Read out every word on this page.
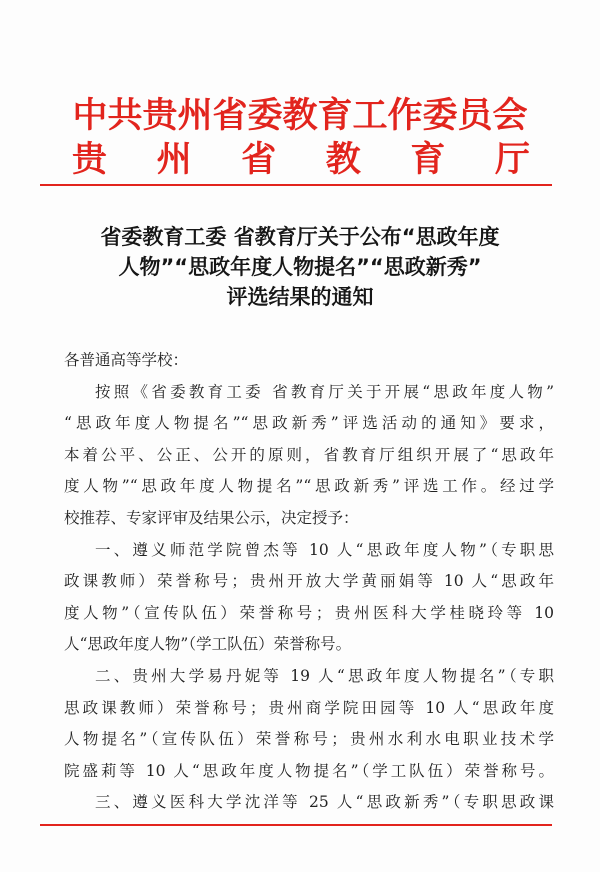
中共贵州省委教育工作委员会
贵 州 省 教 育 厅
省委教育工委 省教育厅关于公布“思政年度
人物”“思政年度人物提名”“思政新秀”
评选结果的通知
各普通高等学校：
按照《省委教育工委 省教育厅关于开展“思政年度人物”
“思政年度人物提名”“思政新秀”评选活动的通知》要求，
本着公平、公正、公开的原则，省教育厅组织开展了“思政年
度人物”“思政年度人物提名”“思政新秀”评选工作。经过学
校推荐、专家评审及结果公示，决定授予：
一、遵义师范学院曾杰等 10 人“思政年度人物”（专职思
政课教师）荣誉称号；贵州开放大学黄丽娟等 10 人“思政年
度人物”（宣传队伍）荣誉称号；贵州医科大学桂晓玲等 10
人“思政年度人物”（学工队伍）荣誉称号。
二、贵州大学易丹妮等 19 人“思政年度人物提名”（专职
思政课教师）荣誉称号；贵州商学院田园等 10 人“思政年度
人物提名”（宣传队伍）荣誉称号；贵州水利水电职业技术学
院盛莉等 10 人“思政年度人物提名”（学工队伍）荣誉称号。
三、遵义医科大学沈洋等 25 人“思政新秀”（专职思政课
